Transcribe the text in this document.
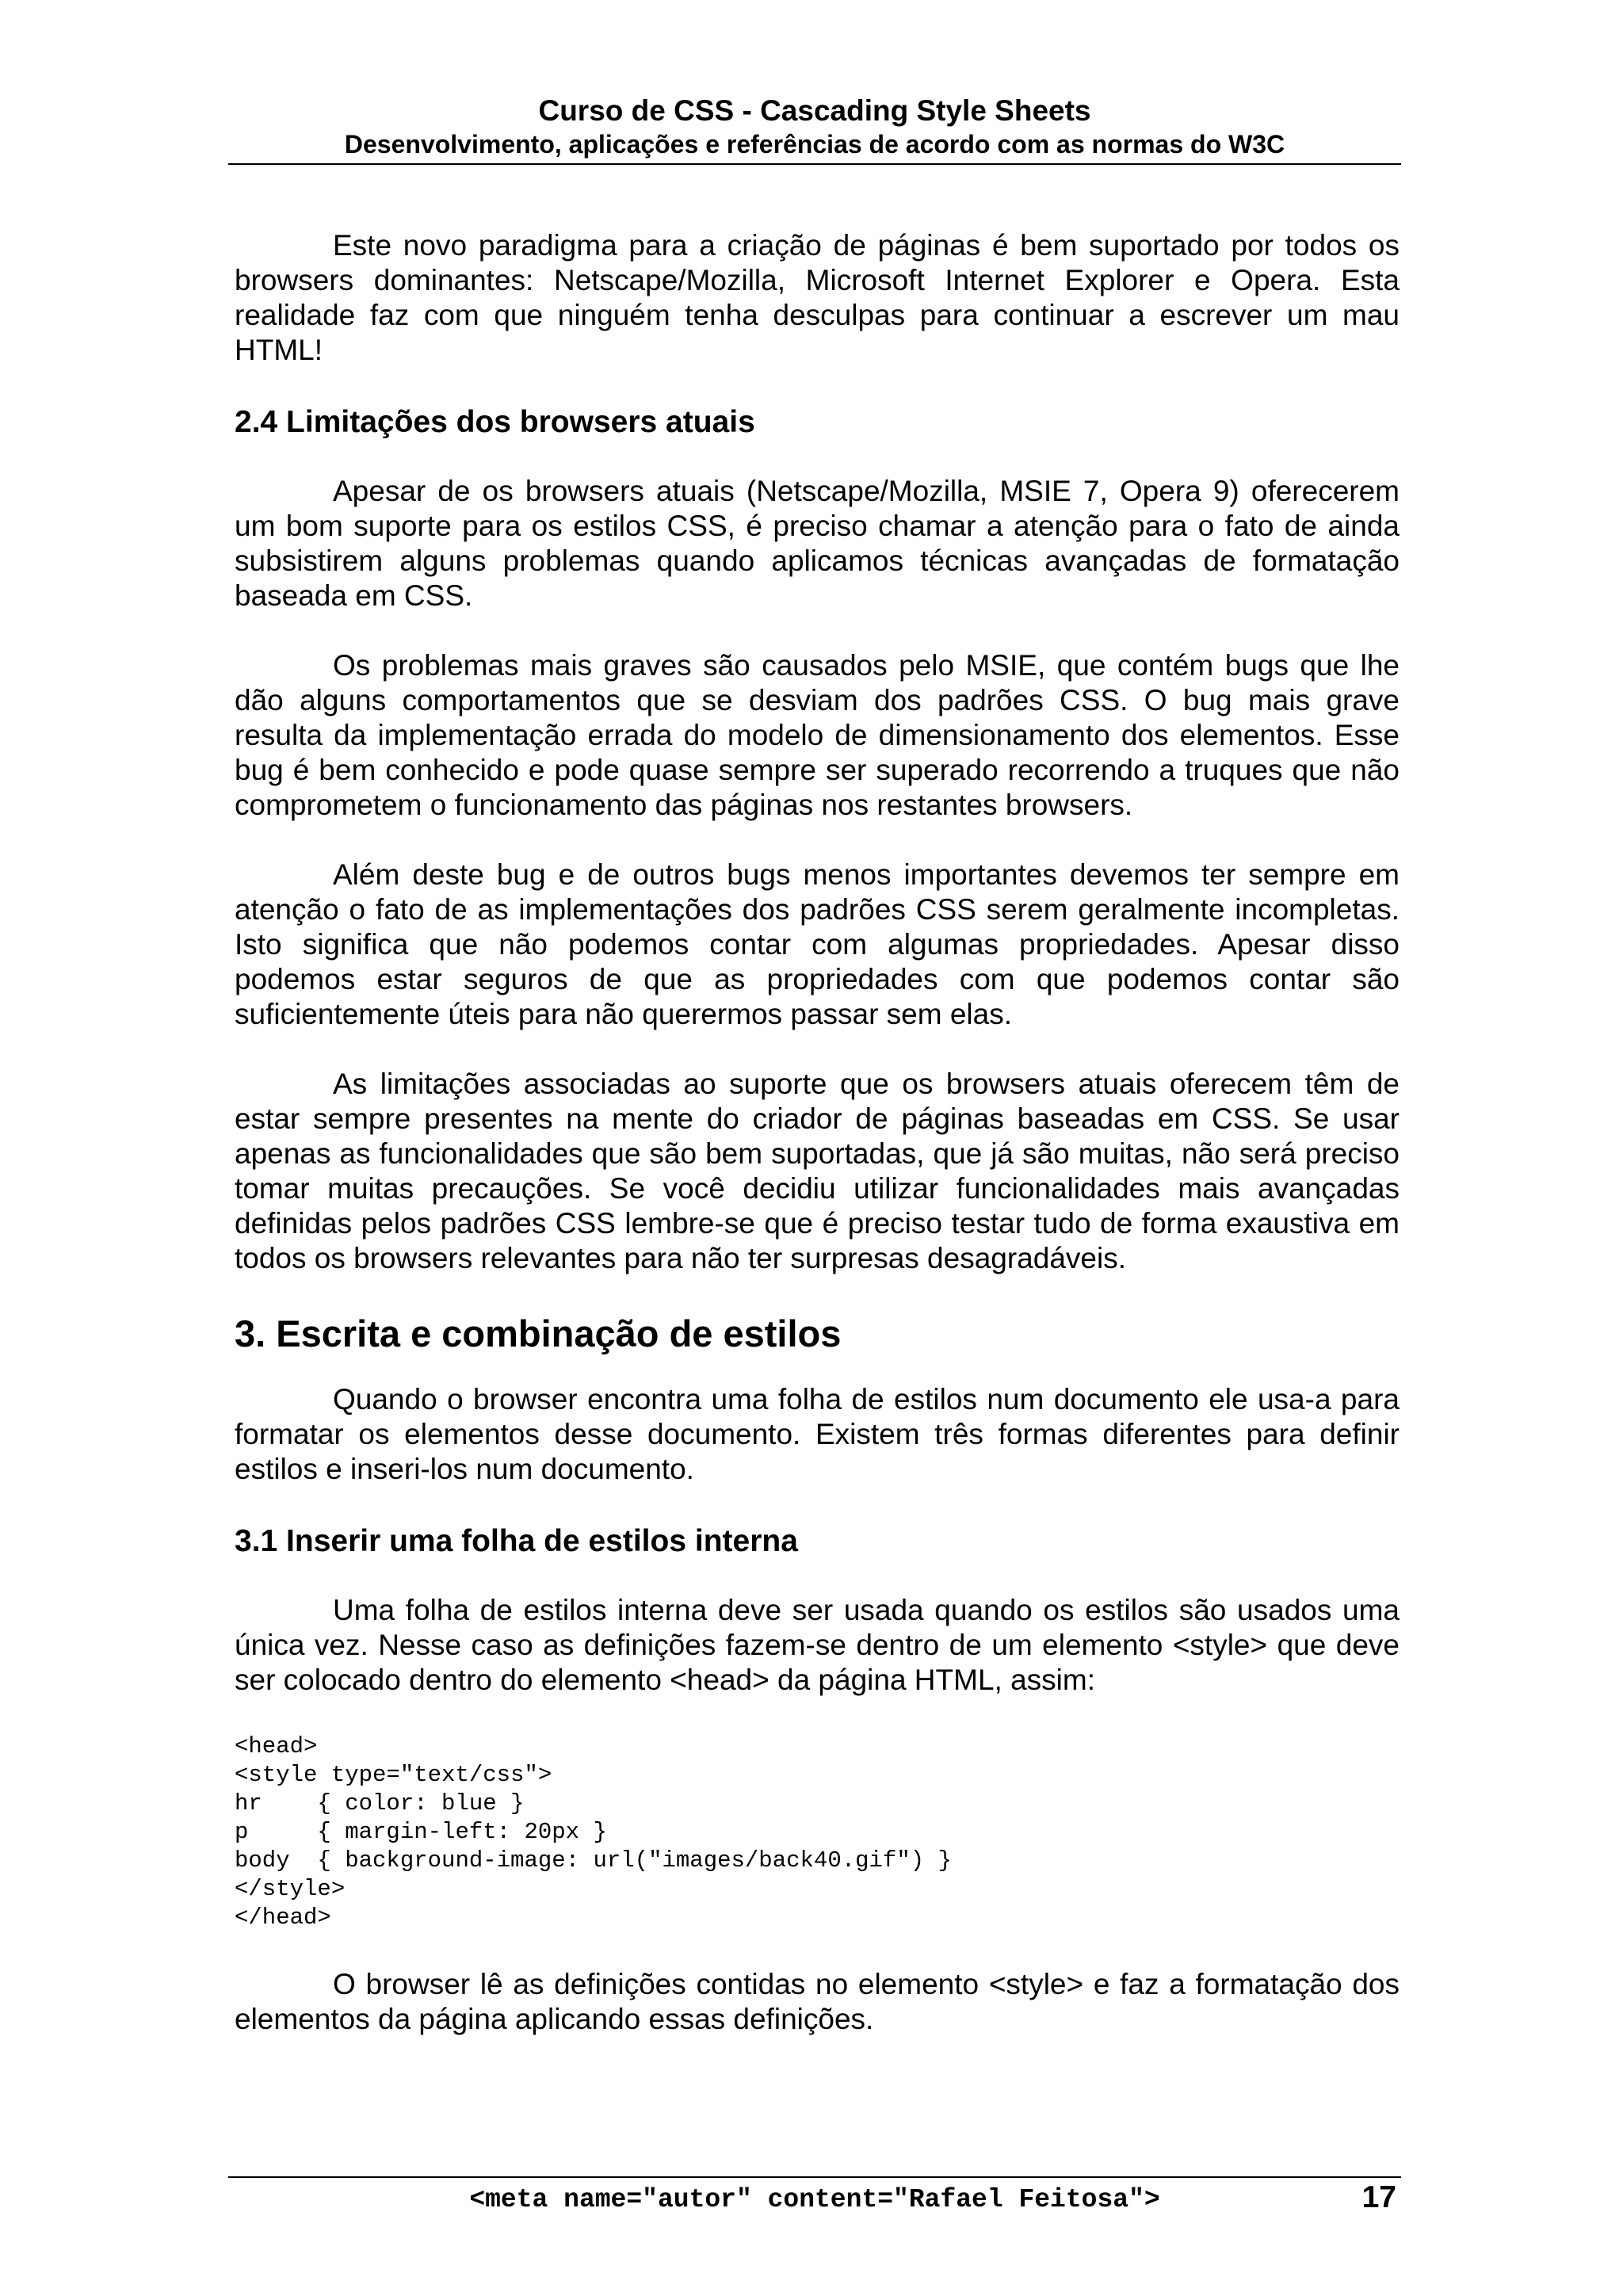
Curso de CSS - Cascading Style Sheets
Desenvolvimento, aplicações e referências de acordo com as normas do W3C

Este novo paradigma para a criação de páginas é bem suportado por todos os browsers dominantes: Netscape/Mozilla, Microsoft Internet Explorer e Opera. Esta realidade faz com que ninguém tenha desculpas para continuar a escrever um mau HTML!

2.4 Limitações dos browsers atuais

Apesar de os browsers atuais (Netscape/Mozilla, MSIE 7, Opera 9) oferecerem um bom suporte para os estilos CSS, é preciso chamar a atenção para o fato de ainda subsistirem alguns problemas quando aplicamos técnicas avançadas de formatação baseada em CSS.

Os problemas mais graves são causados pelo MSIE, que contém bugs que lhe dão alguns comportamentos que se desviam dos padrões CSS. O bug mais grave resulta da implementação errada do modelo de dimensionamento dos elementos. Esse bug é bem conhecido e pode quase sempre ser superado recorrendo a truques que não comprometem o funcionamento das páginas nos restantes browsers.

Além deste bug e de outros bugs menos importantes devemos ter sempre em atenção o fato de as implementações dos padrões CSS serem geralmente incompletas. Isto significa que não podemos contar com algumas propriedades. Apesar disso podemos estar seguros de que as propriedades com que podemos contar são suficientemente úteis para não querermos passar sem elas.

As limitações associadas ao suporte que os browsers atuais oferecem têm de estar sempre presentes na mente do criador de páginas baseadas em CSS. Se usar apenas as funcionalidades que são bem suportadas, que já são muitas, não será preciso tomar muitas precauções. Se você decidiu utilizar funcionalidades mais avançadas definidas pelos padrões CSS lembre-se que é preciso testar tudo de forma exaustiva em todos os browsers relevantes para não ter surpresas desagradáveis.

3. Escrita e combinação de estilos

Quando o browser encontra uma folha de estilos num documento ele usa-a para formatar os elementos desse documento. Existem três formas diferentes para definir estilos e inseri-los num documento.

3.1 Inserir uma folha de estilos interna

Uma folha de estilos interna deve ser usada quando os estilos são usados uma única vez. Nesse caso as definições fazem-se dentro de um elemento <style> que deve ser colocado dentro do elemento <head> da página HTML, assim:

<head>
<style type="text/css">
hr    { color: blue }
p     { margin-left: 20px }
body  { background-image: url("images/back40.gif") }
</style>
</head>

O browser lê as definições contidas no elemento <style> e faz a formatação dos elementos da página aplicando essas definições.

<meta name="autor" content="Rafael Feitosa">	17
